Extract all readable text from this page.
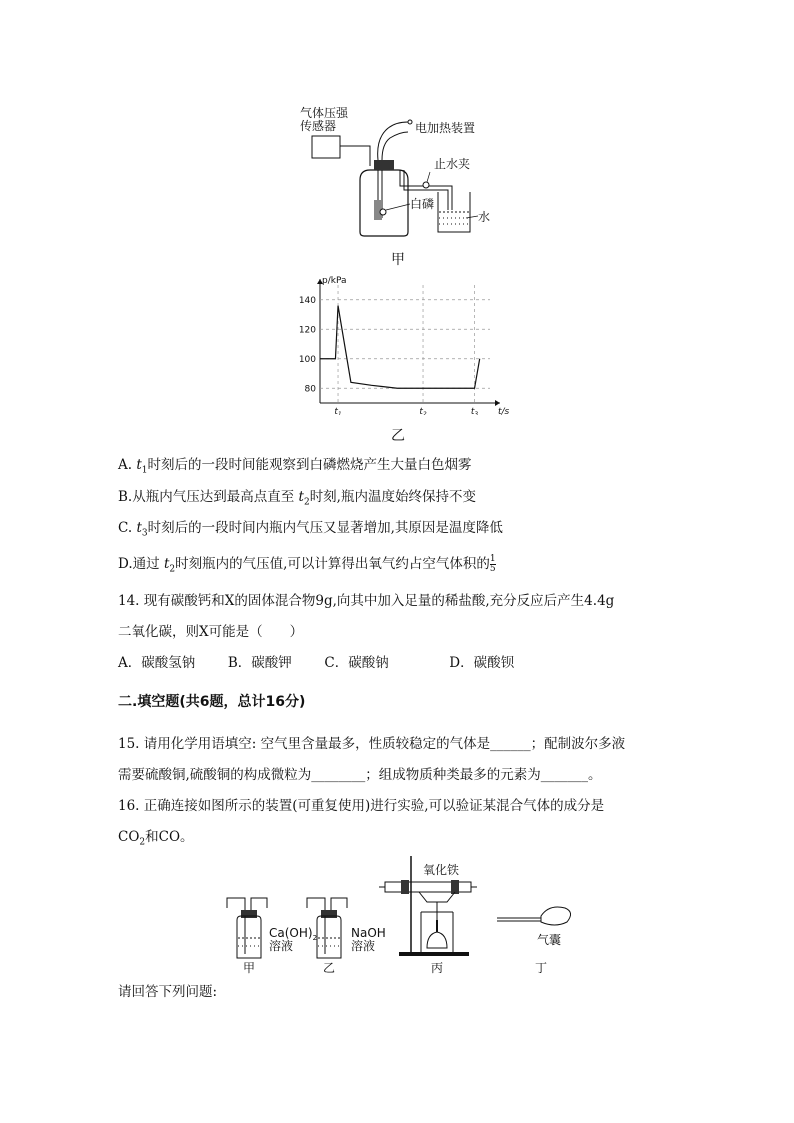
气体压强
传感器	电加热装置
白磷
止水夹
水
甲
80
100
120
140
$t_1$	$t_2$	$t_3$
p/kPa
t/s
乙
A. $t_1$时刻后的一段时间能观察到白磷燃烧产生大量白色烟雾
B.从瓶内气压达到最高点直至 $t_2$时刻,瓶内温度始终保持不变
C. $t_3$时刻后的一段时间内瓶内气压又显著增加,其原因是温度降低
D.通过 $t_2$时刻瓶内的气压值,可以计算得出氧气约占空气体积的 $\frac{1}{5}$
14. 现有碳酸钙和X的固体混合物9g,向其中加入足量的稀盐酸,充分反应后产生4.4g
二氧化碳，则X可能是（　　）
A．碳酸氢钠 B．碳酸钾 C．碳酸钠	D．碳酸钡
二.填空题(共6题，总计16分)
15. 请用化学用语填空: 空气里含量最多，性质较稳定的气体是______；配制波尔多液
需要硫酸铜,硫酸铜的构成微粒为________；组成物质种类最多的元素为_______。
16. 正确连接如图所示的装置(可重复使用)进行实验,可以验证某混合气体的成分是
$CO_2$和CO。
$Ca(OH)_2$
溶液
甲
NaOH
溶液
乙
氧化铁
丙
气囊
丁
请回答下列问题:
